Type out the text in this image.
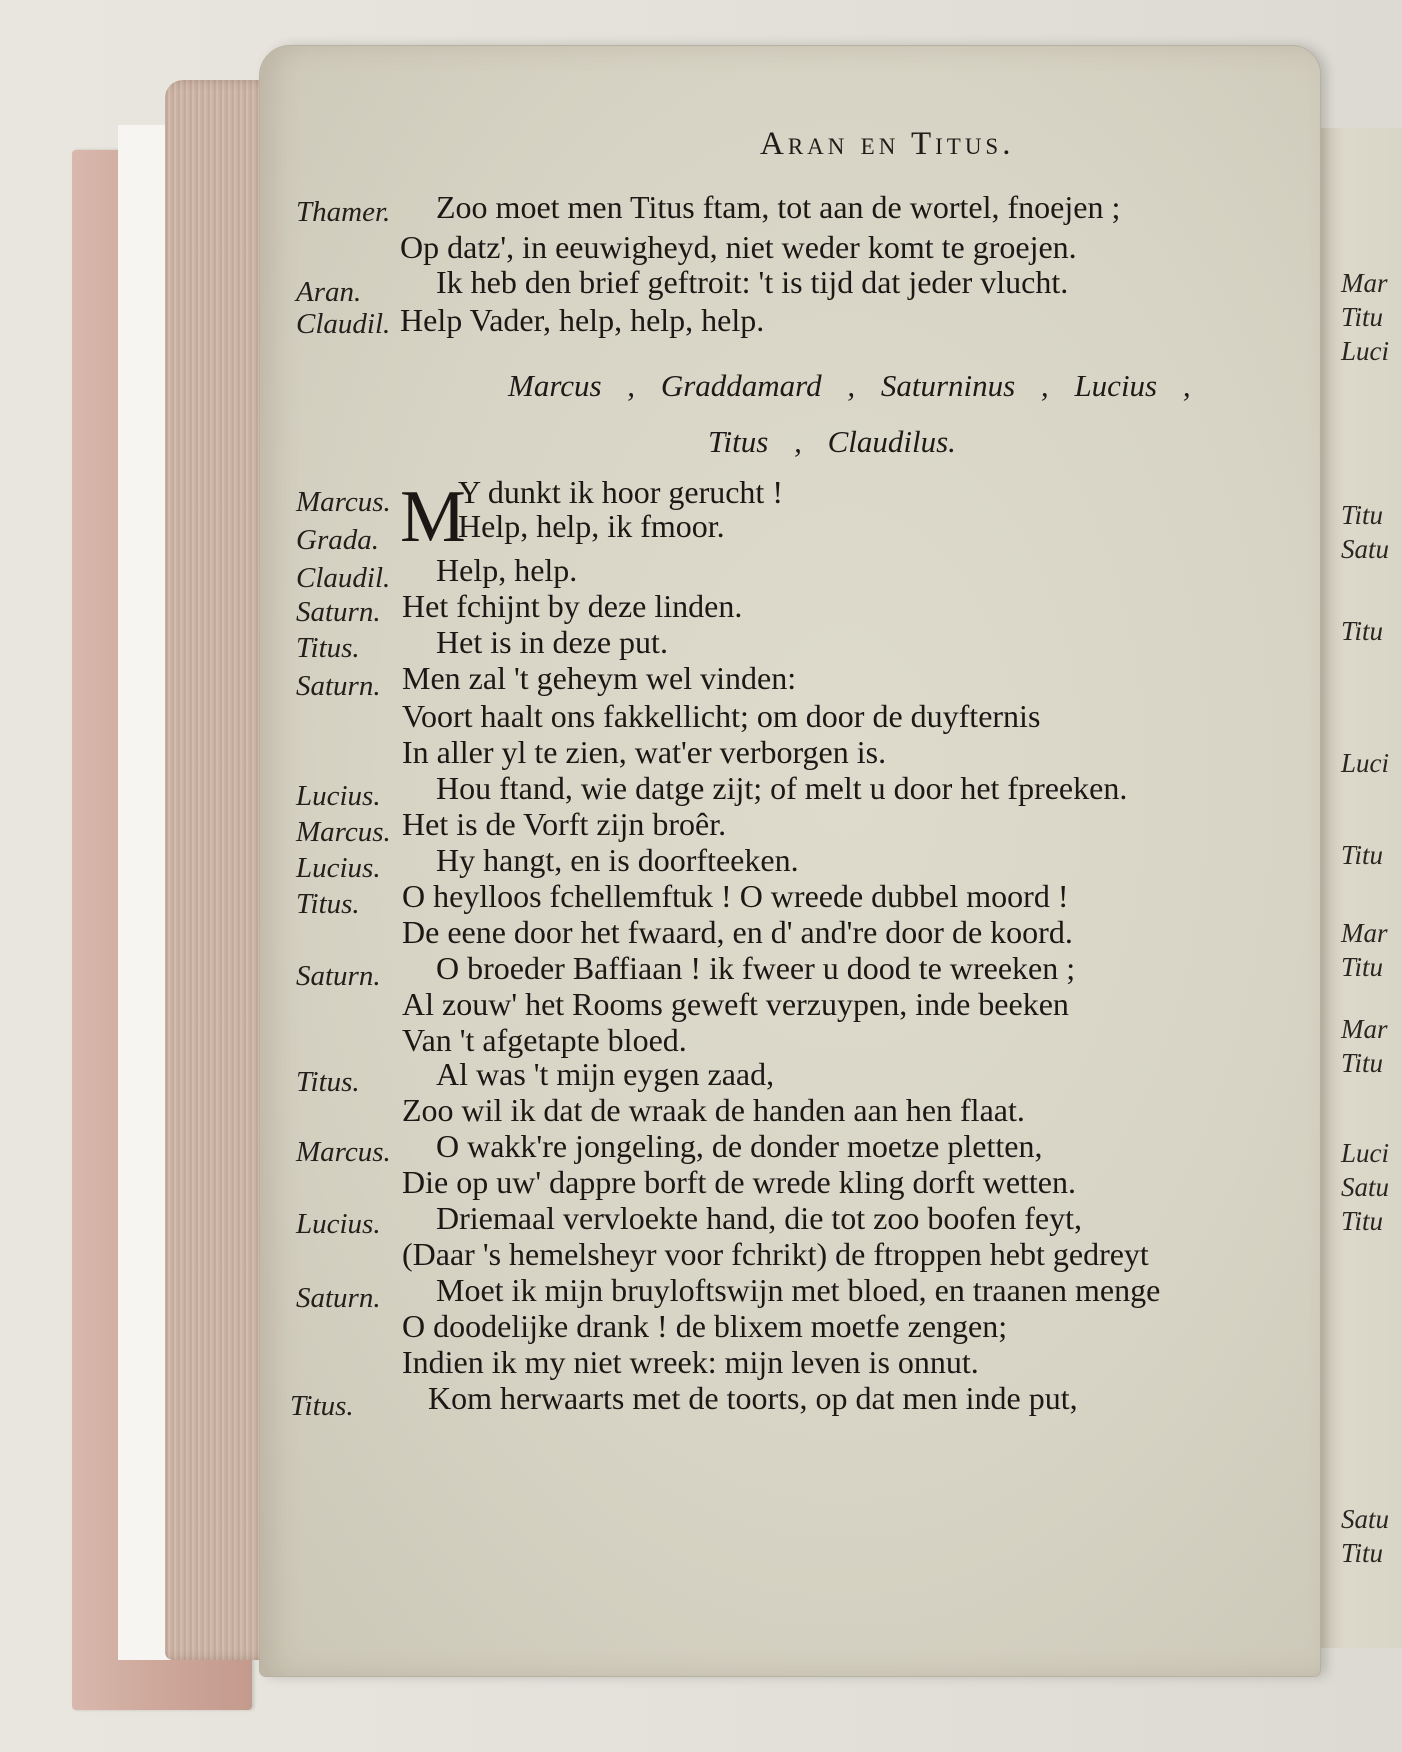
Mar
Titu
Luci
Titu
Satu
Titu
Luci
Titu
Mar
Titu
Mar
Titu
Luci
Satu
Titu
Satu
Titu
Aran en Titus.
Thamer. Zoo moet men Titus ftam, tot aan de wortel, fnoejen ;
Op datz', in eeuwigheyd, niet weder komt te groejen.
Aran. Ik heb den brief geftroit: 't is tijd dat jeder vlucht.
Claudil. Help Vader, help, help, help.
Marcus , Graddamard , Saturninus , Lucius ,
Titus , Claudilus.
M
Marcus. Y dunkt ik hoor gerucht !
Grada. Help, help, ik fmoor.
Claudil. Help, help.
Saturn. Het fchijnt by deze linden.
Titus. Het is in deze put.
Saturn. Men zal 't geheym wel vinden:
Voort haalt ons fakkellicht; om door de duyfternis
In aller yl te zien, wat'er verborgen is.
Lucius. Hou ftand, wie datge zijt; of melt u door het fpreeken.
Marcus. Het is de Vorft zijn broêr.
Lucius. Hy hangt, en is doorfteeken.
Titus. O heylloos fchellemftuk ! O wreede dubbel moord !
De eene door het fwaard, en d' and're door de koord.
Saturn. O broeder Baffiaan ! ik fweer u dood te wreeken ;
Al zouw' het Rooms geweft verzuypen, inde beeken
Van 't afgetapte bloed.
Titus. Al was 't mijn eygen zaad,
Zoo wil ik dat de wraak de handen aan hen flaat.
Marcus. O wakk're jongeling, de donder moetze pletten,
Die op uw' dappre borft de wrede kling dorft wetten.
Lucius. Driemaal vervloekte hand, die tot zoo boofen feyt,
(Daar 's hemelsheyr voor fchrikt) de ftroppen hebt gedreyt
Saturn. Moet ik mijn bruyloftswijn met bloed, en traanen menge
O doodelijke drank ! de blixem moetfe zengen;
Indien ik my niet wreek: mijn leven is onnut.
Titus. Kom herwaarts met de toorts, op dat men inde put,
